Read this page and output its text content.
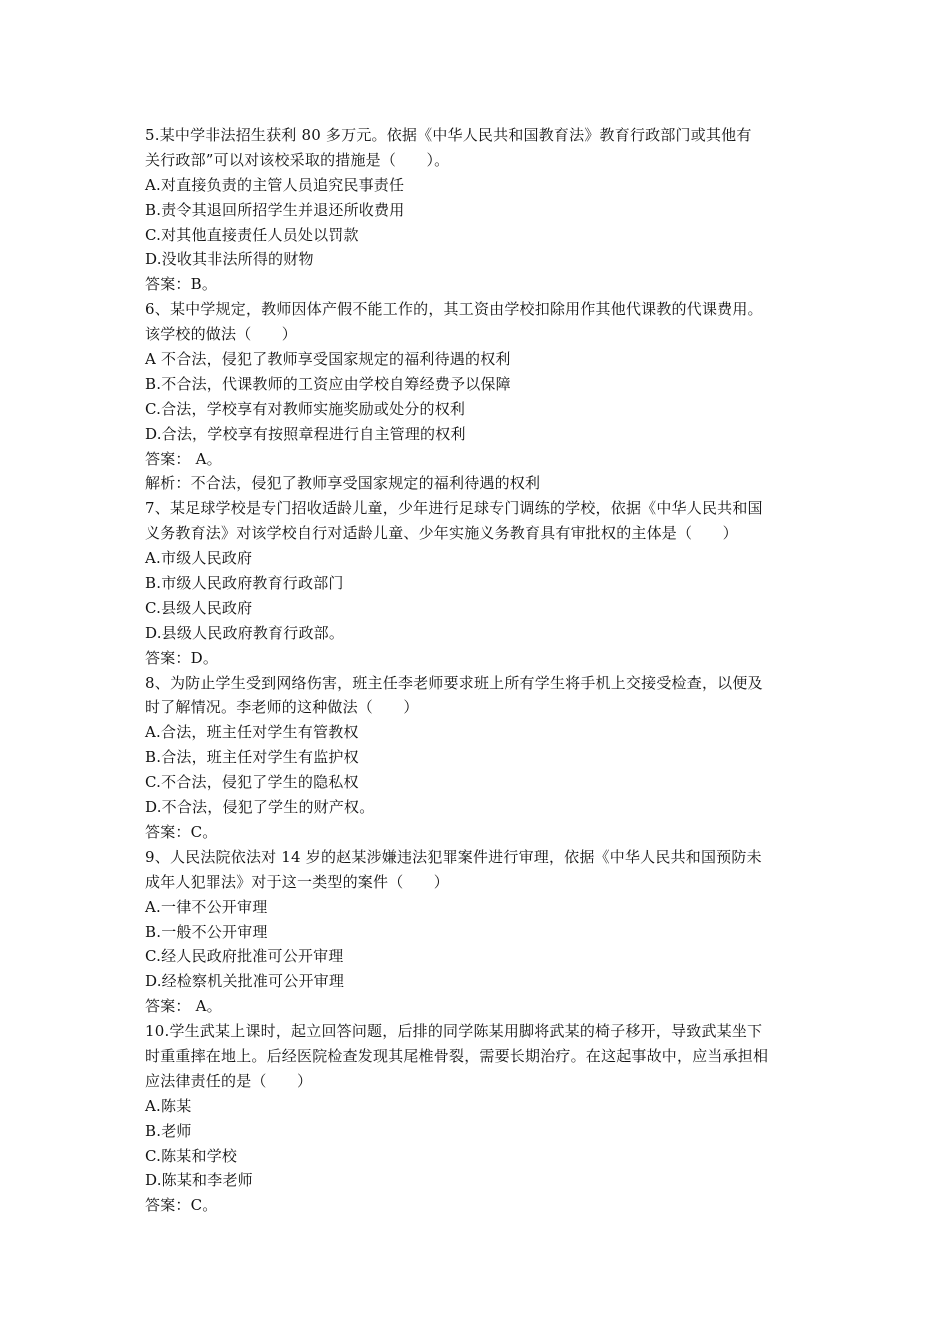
5.某中学非法招生获利 80 多万元。依据《中华人民共和国教育法》教育行政部门或其他有
关行政部”可以对该校采取的措施是（　　）。
A.对直接负责的主管人员追究民事责任
B.责令其退回所招学生并退还所收费用
C.对其他直接责任人员处以罚款
D.没收其非法所得的财物
答案：B。
6、某中学规定，教师因体产假不能工作的，其工资由学校扣除用作其他代课教的代课费用。
该学校的做法（　　）
A 不合法，侵犯了教师享受国家规定的福利待遇的权利
B.不合法，代课教师的工资应由学校自筹经费予以保障
C.合法，学校享有对教师实施奖励或处分的权利
D.合法，学校享有按照章程进行自主管理的权利
答案： A。
解析：不合法，侵犯了教师享受国家规定的福利待遇的权利
7、某足球学校是专门招收适龄儿童，少年进行足球专门调练的学校，依据《中华人民共和国
义务教育法》对该学校自行对适龄儿童、少年实施义务教育具有审批权的主体是（　　）
A.市级人民政府
B.市级人民政府教育行政部门
C.县级人民政府
D.县级人民政府教育行政部。
答案：D。
8、为防止学生受到网络伤害，班主任李老师要求班上所有学生将手机上交接受检查，以便及
时了解情况。李老师的这种做法（　　）
A.合法，班主任对学生有管教权
B.合法，班主任对学生有监护权
C.不合法，侵犯了学生的隐私权
D.不合法，侵犯了学生的财产权。
答案：C。
9、人民法院依法对 14 岁的赵某涉嫌违法犯罪案件进行审理，依据《中华人民共和国预防未
成年人犯罪法》对于这一类型的案件（　　）
A.一律不公开审理
B.一般不公开审理
C.经人民政府批准可公开审理
D.经检察机关批准可公开审理
答案： A。
10.学生武某上课时，起立回答问题，后排的同学陈某用脚将武某的椅子移开，导致武某坐下
时重重摔在地上。后经医院检查发现其尾椎骨裂，需要长期治疗。在这起事故中，应当承担相
应法律责任的是（　　）
A.陈某
B.老师
C.陈某和学校
D.陈某和李老师
答案：C。
